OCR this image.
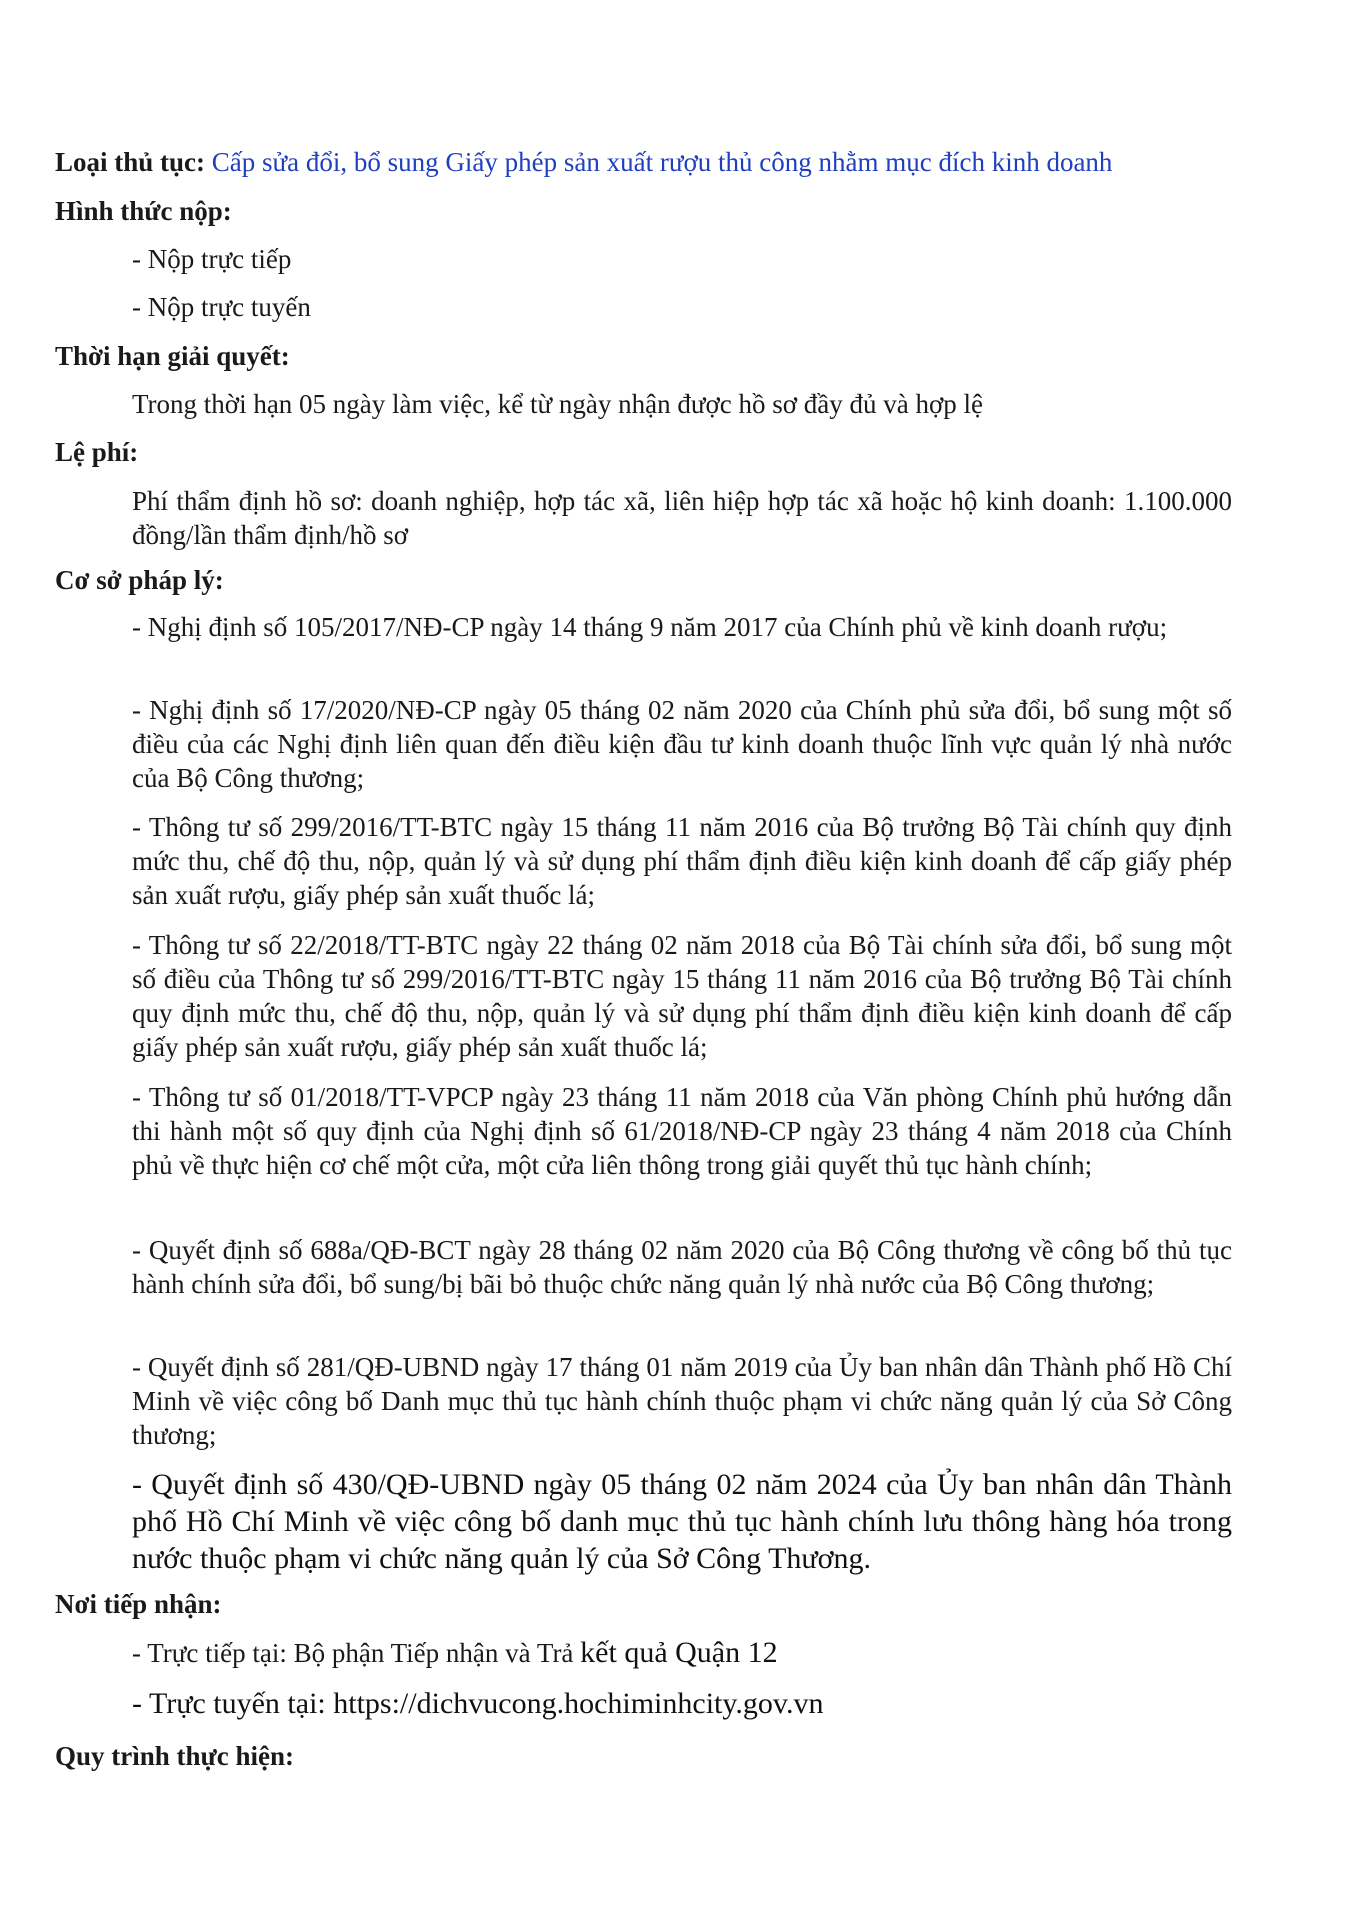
Loại thủ tục: Cấp sửa đổi, bổ sung Giấy phép sản xuất rượu thủ công nhằm mục đích kinh doanh
Hình thức nộp:
- Nộp trực tiếp
- Nộp trực tuyến
Thời hạn giải quyết:
Trong thời hạn 05 ngày làm việc, kể từ ngày nhận được hồ sơ đầy đủ và hợp lệ
Lệ phí:
Phí thẩm định hồ sơ: doanh nghiệp, hợp tác xã, liên hiệp hợp tác xã hoặc hộ kinh doanh: 1.100.000 đồng/lần thẩm định/hồ sơ
Cơ sở pháp lý:
- Nghị định số 105/2017/NĐ-CP ngày 14 tháng 9 năm 2017 của Chính phủ về kinh doanh rượu;
- Nghị định số 17/2020/NĐ-CP ngày 05 tháng 02 năm 2020 của Chính phủ sửa đổi, bổ sung một số điều của các Nghị định liên quan đến điều kiện đầu tư kinh doanh thuộc lĩnh vực quản lý nhà nước của Bộ Công thương;
- Thông tư số 299/2016/TT-BTC ngày 15 tháng 11 năm 2016 của Bộ trưởng Bộ Tài chính quy định mức thu, chế độ thu, nộp, quản lý và sử dụng phí thẩm định điều kiện kinh doanh để cấp giấy phép sản xuất rượu, giấy phép sản xuất thuốc lá;
- Thông tư số 22/2018/TT-BTC ngày 22 tháng 02 năm 2018 của Bộ Tài chính sửa đổi, bổ sung một số điều của Thông tư số 299/2016/TT-BTC ngày 15 tháng 11 năm 2016 của Bộ trưởng Bộ Tài chính quy định mức thu, chế độ thu, nộp, quản lý và sử dụng phí thẩm định điều kiện kinh doanh để cấp giấy phép sản xuất rượu, giấy phép sản xuất thuốc lá;
- Thông tư số 01/2018/TT-VPCP ngày 23 tháng 11 năm 2018 của Văn phòng Chính phủ hướng dẫn thi hành một số quy định của Nghị định số 61/2018/NĐ-CP ngày 23 tháng 4 năm 2018 của Chính phủ về thực hiện cơ chế một cửa, một cửa liên thông trong giải quyết thủ tục hành chính;
- Quyết định số 688a/QĐ-BCT ngày 28 tháng 02 năm 2020 của Bộ Công thương về công bố thủ tục hành chính sửa đổi, bổ sung/bị bãi bỏ thuộc chức năng quản lý nhà nước của Bộ Công thương;
- Quyết định số 281/QĐ-UBND ngày 17 tháng 01 năm 2019 của Ủy ban nhân dân Thành phố Hồ Chí Minh về việc công bố Danh mục thủ tục hành chính thuộc phạm vi chức năng quản lý của Sở Công thương;
- Quyết định số 430/QĐ-UBND ngày 05 tháng 02 năm 2024 của Ủy ban nhân dân Thành phố Hồ Chí Minh về việc công bố danh mục thủ tục hành chính lưu thông hàng hóa trong nước thuộc phạm vi chức năng quản lý của Sở Công Thương.
Nơi tiếp nhận:
- Trực tiếp tại: Bộ phận Tiếp nhận và Trả kết quả Quận 12
- Trực tuyến tại: https://dichvucong.hochiminhcity.gov.vn
Quy trình thực hiện:
